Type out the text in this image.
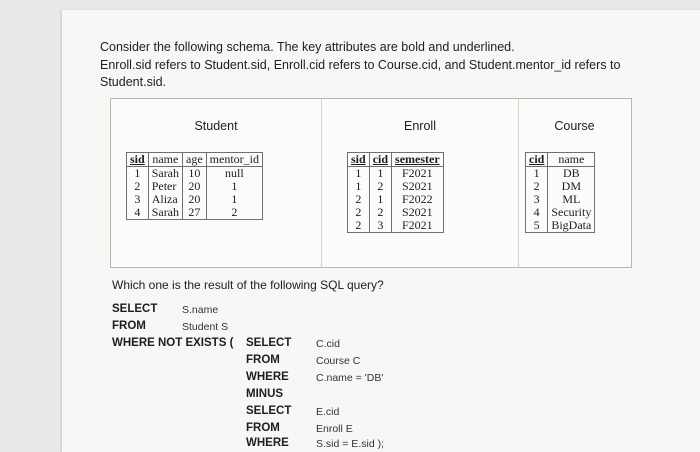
Consider the following schema. The key attributes are bold and underlined.

Enroll.sid refers to Student.sid, Enroll.cid refers to Course.cid, and Student.mentor_id refers to

Student.sid.

Student
sid	name	age	mentor_id
1	Sarah	10	null
2	Peter	20	1
3	Aliza	20	1
4	Sarah	27	2
Enroll
sid	cid	semester
1	1	F2021
1	2	S2021
2	1	F2022
2	2	S2021
2	3	F2021
Course
cid	name
1	DB
2	DM
3	ML
4	Security
5	BigData
Which one is the result of the following SQL query?
SELECT S.name
FROM	Student S
WHERE NOT EXISTS ( SELECT C.cid
FROM	Course C
WHERE	C.name = 'DB'
MINUS
SELECT E.cid
FROM	Enroll E
WHERE	S.sid = E.sid );
